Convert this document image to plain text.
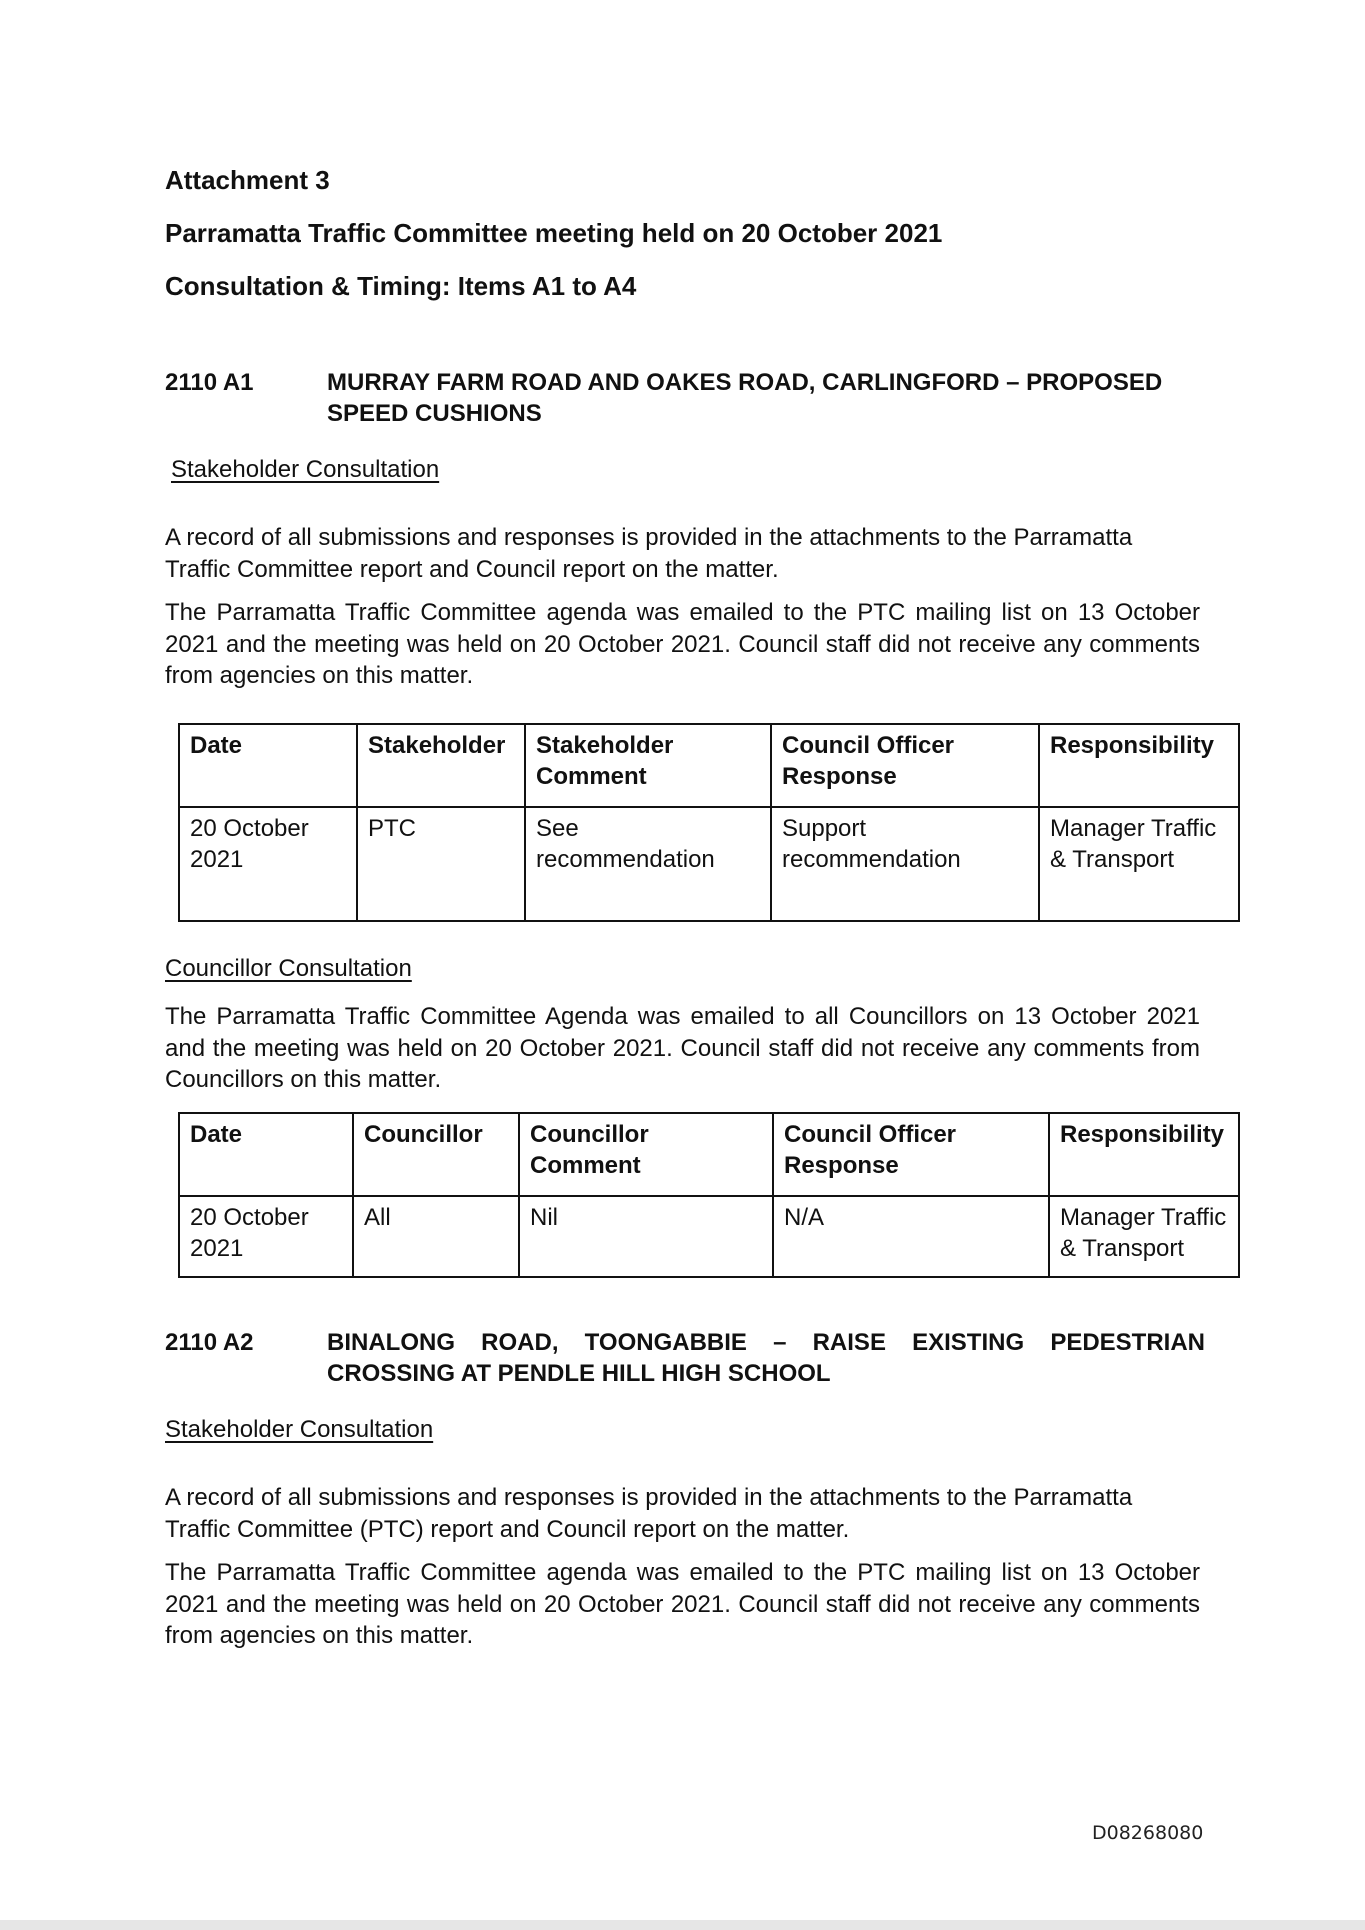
Attachment 3
Parramatta Traffic Committee meeting held on 20 October 2021
Consultation & Timing: Items A1 to A4
2110 A1	MURRAY FARM ROAD AND OAKES ROAD, CARLINGFORD – PROPOSED SPEED CUSHIONS
Stakeholder Consultation
A record of all submissions and responses is provided in the attachments to the Parramatta Traffic Committee report and Council report on the matter.
The Parramatta Traffic Committee agenda was emailed to the PTC mailing list on 13 October 2021 and the meeting was held on 20 October 2021. Council staff did not receive any comments from agencies on this matter.
Date	Stakeholder	Stakeholder Comment	Council Officer Response	Responsibility
20 October 2021	PTC	See recommendation	Support recommendation	Manager Traffic & Transport
Councillor Consultation
The Parramatta Traffic Committee Agenda was emailed to all Councillors on 13 October 2021 and the meeting was held on 20 October 2021. Council staff did not receive any comments from Councillors on this matter.
Date	Councillor	Councillor Comment	Council Officer Response	Responsibility
20 October 2021	All	Nil	N/A	Manager Traffic & Transport
2110 A2	BINALONG ROAD, TOONGABBIE – RAISE EXISTING PEDESTRIAN CROSSING AT PENDLE HILL HIGH SCHOOL
Stakeholder Consultation
A record of all submissions and responses is provided in the attachments to the Parramatta Traffic Committee (PTC) report and Council report on the matter.
The Parramatta Traffic Committee agenda was emailed to the PTC mailing list on 13 October 2021 and the meeting was held on 20 October 2021. Council staff did not receive any comments from agencies on this matter.
D08268080
